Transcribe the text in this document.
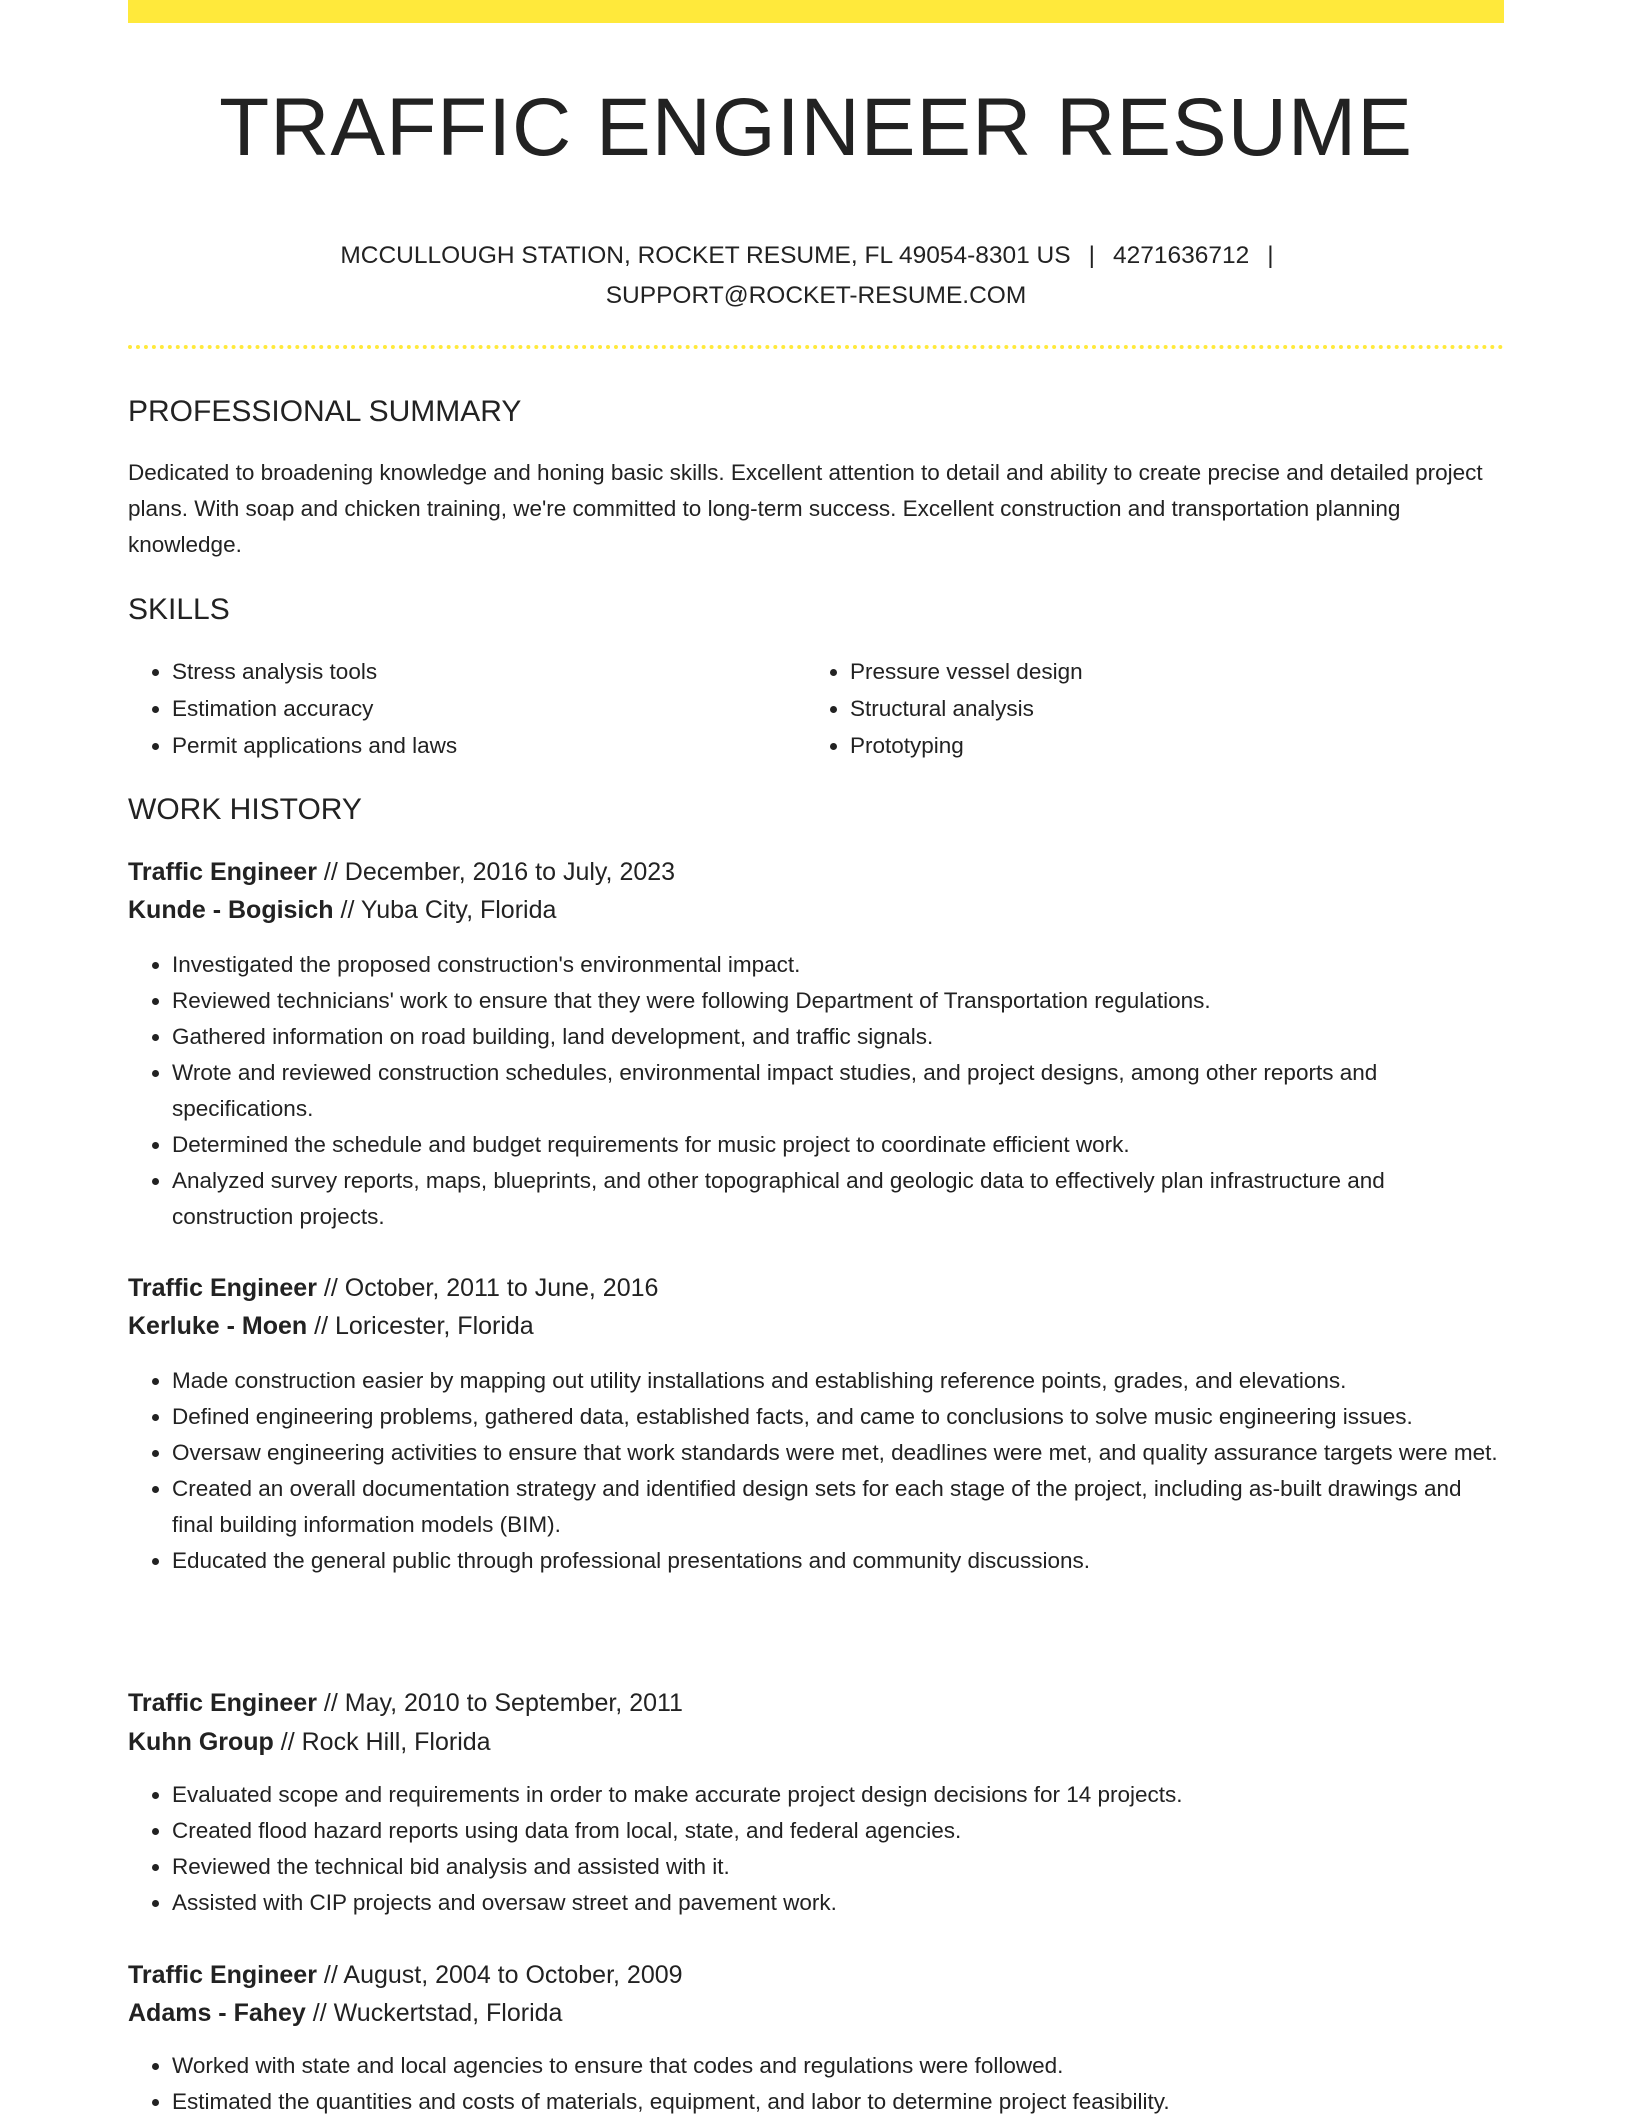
TRAFFIC ENGINEER RESUME
MCCULLOUGH STATION, ROCKET RESUME, FL 49054-8301 US | 4271636712 |
SUPPORT@ROCKET-RESUME.COM
PROFESSIONAL SUMMARY

Dedicated to broadening knowledge and honing basic skills. Excellent attention to detail and ability to create precise and detailed project plans. With soap and chicken training, we're committed to long-term success. Excellent construction and transportation planning knowledge.

SKILLS
• Stress analysis tools
• Estimation accuracy
• Permit applications and laws
• Pressure vessel design
• Structural analysis
• Prototyping
WORK HISTORY
Traffic Engineer // December, 2016 to July, 2023
Kunde - Bogisich // Yuba City, Florida
• Investigated the proposed construction's environmental impact.
• Reviewed technicians' work to ensure that they were following Department of Transportation regulations.
• Gathered information on road building, land development, and traffic signals.
• Wrote and reviewed construction schedules, environmental impact studies, and project designs, among other reports and specifications.
• Determined the schedule and budget requirements for music project to coordinate efficient work.
• Analyzed survey reports, maps, blueprints, and other topographical and geologic data to effectively plan infrastructure and construction projects.
Traffic Engineer // October, 2011 to June, 2016
Kerluke - Moen // Loricester, Florida
• Made construction easier by mapping out utility installations and establishing reference points, grades, and elevations.
• Defined engineering problems, gathered data, established facts, and came to conclusions to solve music engineering issues.
• Oversaw engineering activities to ensure that work standards were met, deadlines were met, and quality assurance targets were met.
• Created an overall documentation strategy and identified design sets for each stage of the project, including as-built drawings and final building information models (BIM).
• Educated the general public through professional presentations and community discussions.
Traffic Engineer // May, 2010 to September, 2011
Kuhn Group // Rock Hill, Florida
• Evaluated scope and requirements in order to make accurate project design decisions for 14 projects.
• Created flood hazard reports using data from local, state, and federal agencies.
• Reviewed the technical bid analysis and assisted with it.
• Assisted with CIP projects and oversaw street and pavement work.
Traffic Engineer // August, 2004 to October, 2009
Adams - Fahey // Wuckertstad, Florida
• Worked with state and local agencies to ensure that codes and regulations were followed.
• Estimated the quantities and costs of materials, equipment, and labor to determine project feasibility.
